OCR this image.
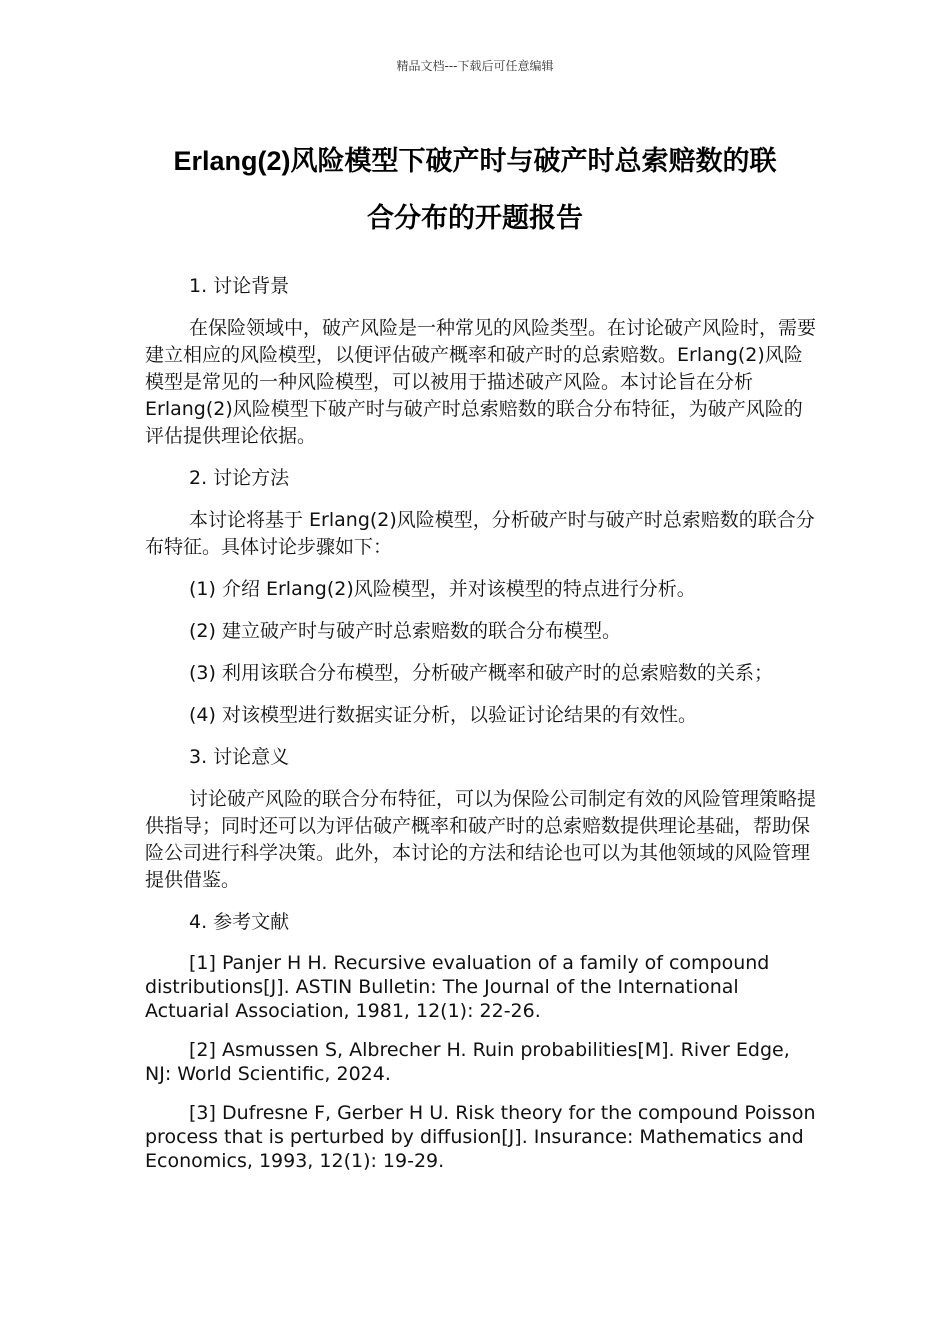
精品文档---下载后可任意编辑
Erlang(2)风险模型下破产时与破产时总索赔数的联
合分布的开题报告

1. 讨论背景

在保险领域中，破产风险是一种常见的风险类型。在讨论破产风险时，需要建立相应的风险模型，以便评估破产概率和破产时的总索赔数。Erlang(2)风险模型是常见的一种风险模型，可以被用于描述破产风险。本讨论旨在分析 Erlang(2)风险模型下破产时与破产时总索赔数的联合分布特征，为破产风险的评估提供理论依据。

2. 讨论方法

本讨论将基于 Erlang(2)风险模型，分析破产时与破产时总索赔数的联合分布特征。具体讨论步骤如下：

(1) 介绍 Erlang(2)风险模型，并对该模型的特点进行分析。

(2) 建立破产时与破产时总索赔数的联合分布模型。

(3) 利用该联合分布模型，分析破产概率和破产时的总索赔数的关系；

(4) 对该模型进行数据实证分析，以验证讨论结果的有效性。

3. 讨论意义

讨论破产风险的联合分布特征，可以为保险公司制定有效的风险管理策略提供指导；同时还可以为评估破产概率和破产时的总索赔数提供理论基础，帮助保险公司进行科学决策。此外，本讨论的方法和结论也可以为其他领域的风险管理提供借鉴。

4. 参考文献

[1] Panjer H H. Recursive evaluation of a family of compound distributions[J]. ASTIN Bulletin: The Journal of the International Actuarial Association, 1981, 12(1): 22-26.

[2] Asmussen S, Albrecher H. Ruin probabilities[M]. River Edge, NJ: World Scientific, 2024.

[3] Dufresne F, Gerber H U. Risk theory for the compound Poisson process that is perturbed by diffusion[J]. Insurance: Mathematics and Economics, 1993, 12(1): 19-29.
